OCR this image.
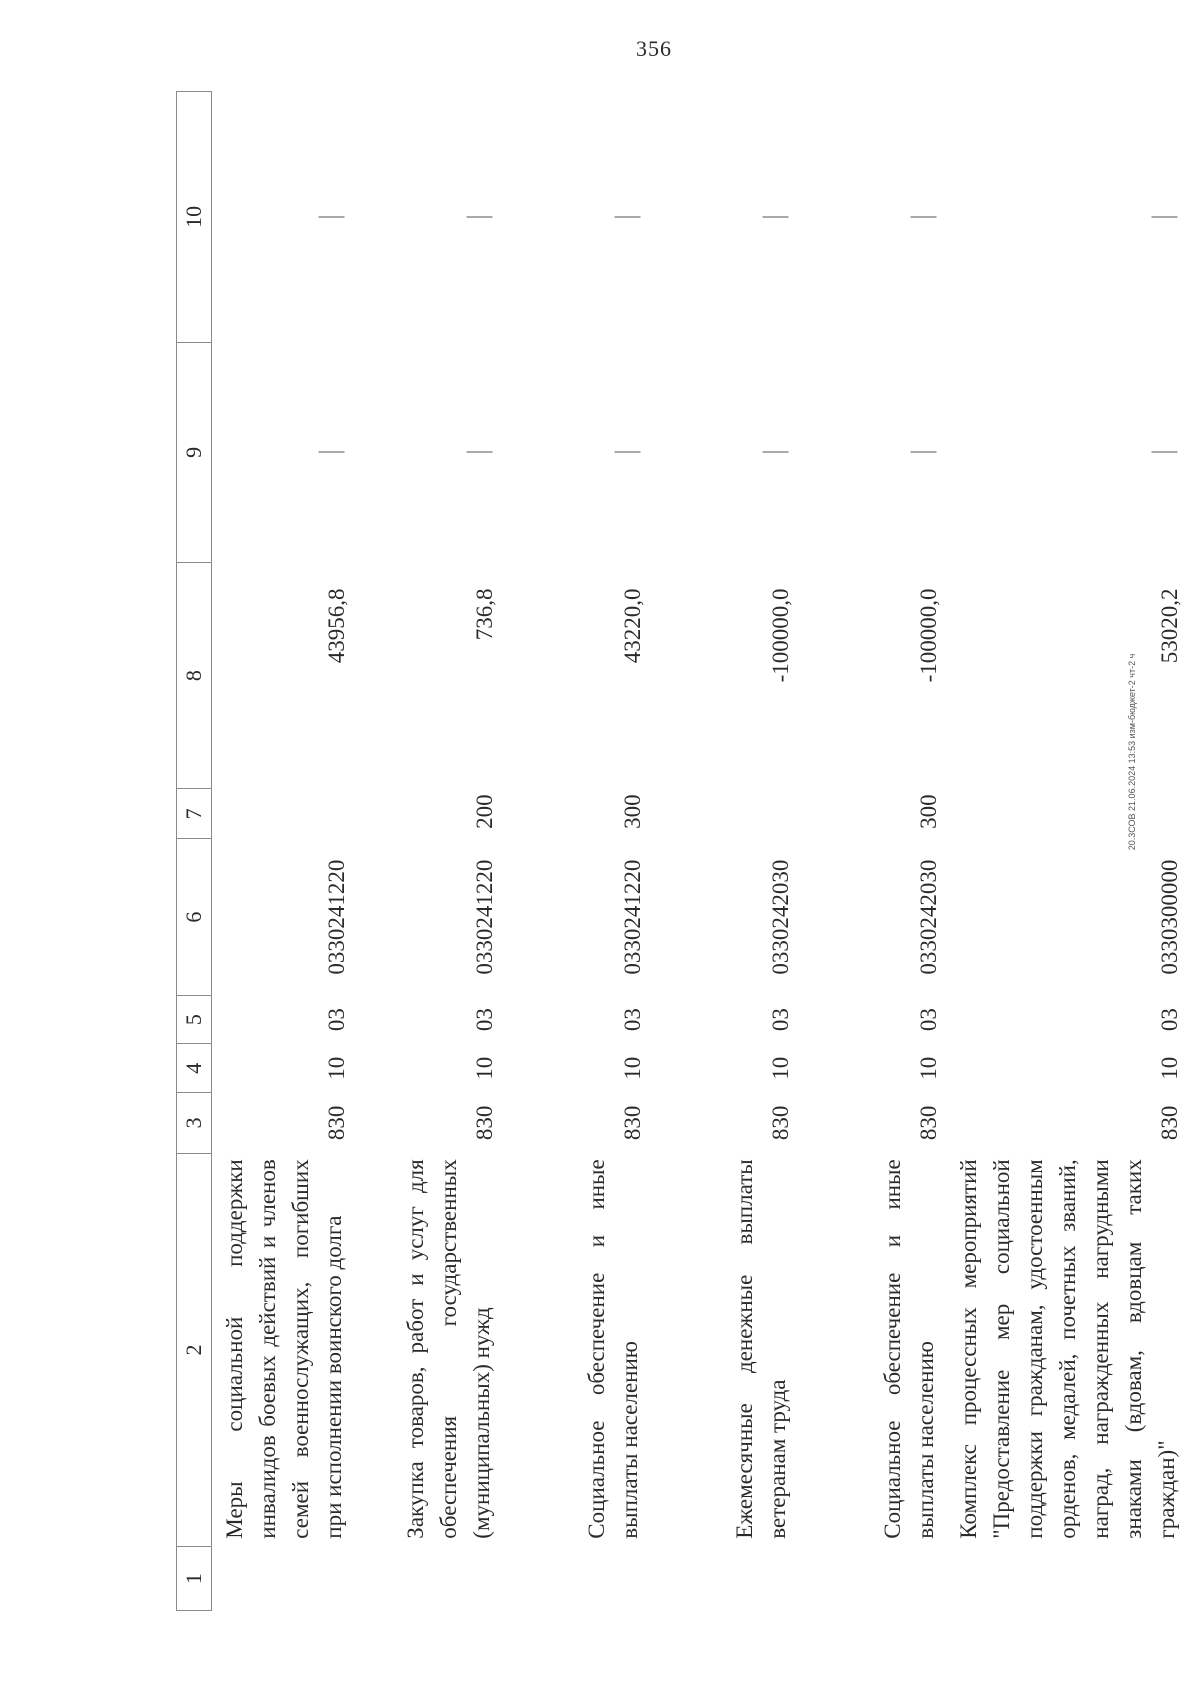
356
20.3СОВ 21.06.2024 13:53 изм-бюджет-2 чт-2 ч
1	2	3	4	5	6	7	8	9	10
	Меры социальной поддержки инвалидов боевых действий и членов семей военнослужащих, погибших при исполнении воинского долга	830	10	03	0330241220		43956,8		
	Закупка товаров, работ и услуг для обеспечения государственных (муниципальных) нужд	830	10	03	0330241220	200	736,8		
	Социальное обеспечение и иные выплаты населению	830	10	03	0330241220	300	43220,0		
	Ежемесячные денежные выплаты ветеранам труда	830	10	03	0330242030		-100000,0		
	Социальное обеспечение и иные выплаты населению	830	10	03	0330242030	300	-100000,0		
	Комплекс процессных мероприятий "Предоставление мер социальной поддержки гражданам, удостоенным орденов, медалей, почетных званий, наград, награжденных нагрудными знаками (вдовам, вдовцам таких граждан)"	830	10	03	0330300000		53020,2		
